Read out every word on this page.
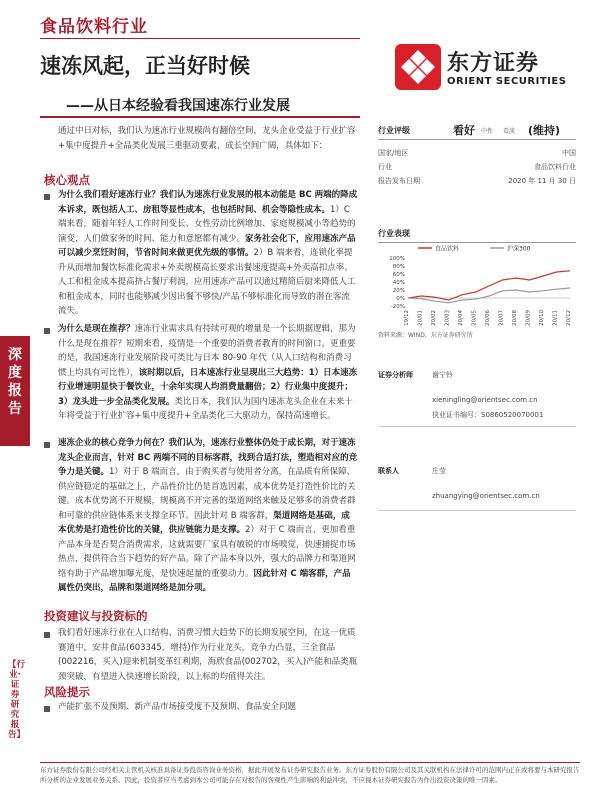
食品饮料行业
速冻风起，正当好时候
——从日本经验看我国速冻行业发展
东方证券
ORIENT SECURITIES
通过中日对标，我们认为速冻行业规模尚有翻倍空间，龙头企业受益于行业扩容+集中度提升+全品类化发展三重驱动要素，成长空间广阔，具体如下：
核心观点
为什么我们看好速冻行业？我们认为速冻行业发展的根本动能是 BC 两端的降成本诉求，既包括人工、房租等显性成本，也包括时间、机会等隐性成本。1）C 端来看，随着年轻人工作时间变长、女性劳动比例增加、家庭规模减小等趋势的演变，人们做家务的时间、能力和意愿都有减少。家务社会化下，应用速冻产品可以减少烹饪时间，节省时间来做更优先级的事情。2）B 端来看，连锁化率提升从而增加餐饮标准化需求+外卖规模高长要求出餐速度提高+外卖高扣点率、人工和租金成本提高挤占餐厅利润，应用速冻产品可以通过精简后厨来降低人工和租金成本，同时也能够减少因出餐不够快/产品不够标准化而导致的潜在客流流失。
为什么是现在推荐？速冻行业需求具有持续可观的增量是一个长期据逻辑，那为什么是现在推荐？短期来看，疫情是一个重要的消费者教育的时间窗口。更重要的是，我国速冻行业发展阶段可类比与日本 80-90 年代（从人口结构和消费习惯上均具有可比性），该时期以后，日本速冻行业呈现出三大趋势：1）日本速冻行业增速明显快于餐饮业，十余年实现人均消费量翻倍；2）行业集中度提升；3）龙头进一步全品类化发展。类比日本，我们认为国内速冻龙头企业在未来十年将受益于行业扩容+集中度提升+全品类化三大驱动力，保持高速增长。
速冻企业的核心竞争力何在？我们认为，速冻行业整体仍处于成长期，对于速冻龙头企业而言，针对 BC 两端不同的目标客群，找到合适打法，塑造相对应的竞争力是关键。1）对于 B 端而言，由于购买者与使用者分离，在品质有所保障、供应链稳定的基础之上，产品性价比仍是首选因素，成本优势是打造性价比的关键。成本优势离不开规模，规模离不开完善的渠道网络来触及足够多的消费者群和可靠的供应链体系来支撑全环节。因此针对 B 端客群，渠道网络是基础，成本优势是打造性价比的关键，供应链能力是支撑。2）对于 C 端而言，更加看重产品本身是否契合消费需求，这就需要厂家具有敏锐的市场嗅觉，快速捕捉市场热点，提供符合当下趋势的好产品。除了产品本身以外，强大的品牌力和渠道网络有助于产品增加曝光度，是快速起量的重要动力。因此针对 C 端客群，产品属性仍突出，品牌和渠道网络是加分项。
投资建议与投资标的
我们看好速冻行业在人口结构、消费习惯大趋势下的长期发展空间，在这一优质赛道中，安井食品(603345，增持)作为行业龙头，竞争力凸显，三全食品(002216，买入)迎来机制变革红利期，海欣食品(002702，买入)产能和品类瓶颈突破，有望进入快速增长阶段，以上标的均值得关注。
风险提示
产能扩张不及预期、新产品市场接受度不及预期、食品安全问题
深
度
报
告
【行业·证券研究报告】
行业评级	看好 中性 看淡 (维持)
国家/地区	中国
行业	食品饮料行业
报告发布日期	2020 年 11 月 30 日
行业表现
食品饮料	沪深300
100%
80%
60%
40%
20%
0%
-20%
19/12 20/01 20/02 20/03 20/04 20/05 20/06 20/07 20/08 20/09 20/10 20/11 20/12
资料来源：WIND、东方证券研究所
证券分析师	谢宁铃
xieningling@orientsec.com.cn
执业证书编号：S0860520070001
联系人	庄莹
zhuangying@orientsec.com.cn
东方证券股份有限公司经相关主管机关核准具备证券投资咨询业务资格，据此开展发布证券研究报告业务。东方证券股份有限公司及其关联机构在法律许可的范围内正在或将要与本研究报告所分析的企业发展业务关系。因此，投资者应当考虑到本公司可能存在对报告的客观性产生影响的利益冲突，不应视本证券研究报告为作出投资决策的唯一因素。
